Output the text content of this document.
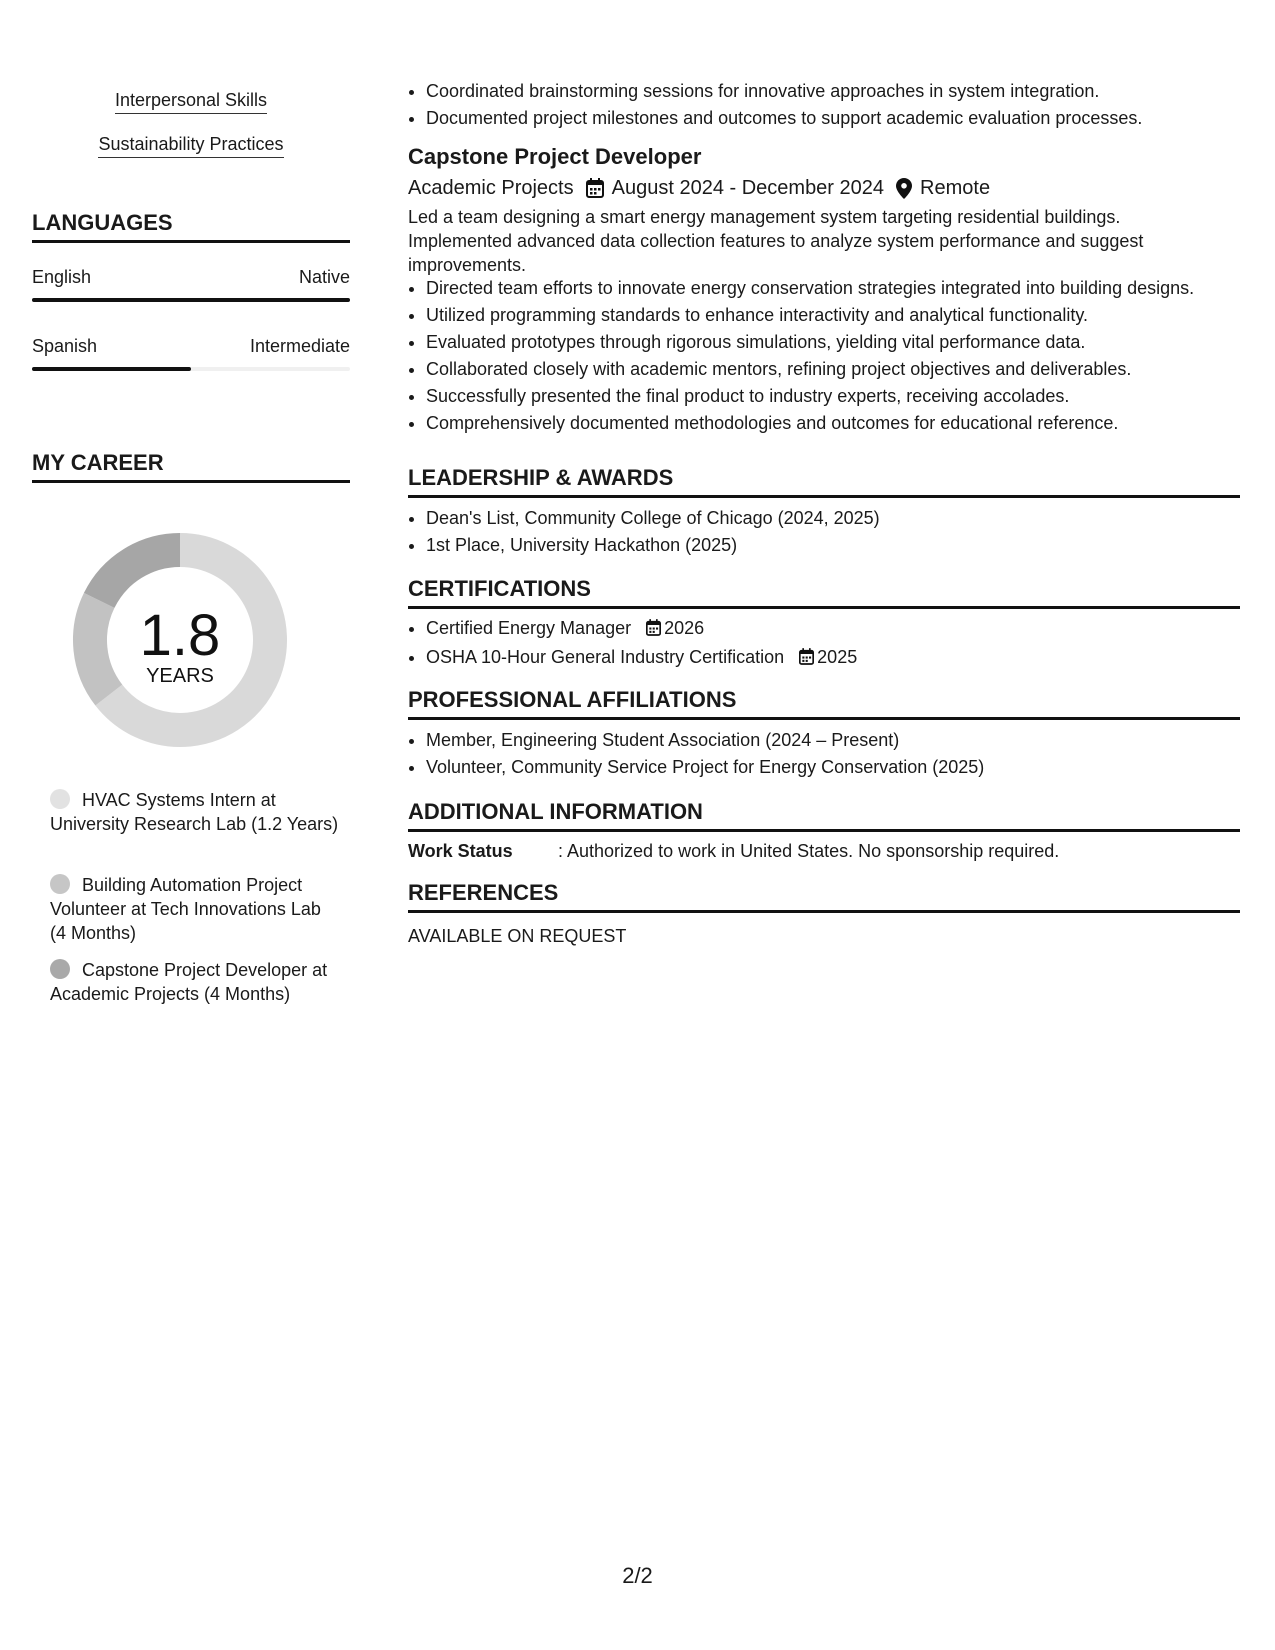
Interpersonal Skills
Sustainability Practices
LANGUAGES
English	Native
Spanish	Intermediate
MY CAREER
1.8
YEARS
HVAC Systems Intern at University Research Lab (1.2 Years)
Building Automation Project Volunteer at Tech Innovations Lab (4 Months)
Capstone Project Developer at Academic Projects (4 Months)
• Coordinated brainstorming sessions for innovative approaches in system integration.
• Documented project milestones and outcomes to support academic evaluation processes.
Capstone Project Developer
Academic Projects August 2024 - December 2024 Remote
Led a team designing a smart energy management system targeting residential buildings. Implemented advanced data collection features to analyze system performance and suggest improvements.
• Directed team efforts to innovate energy conservation strategies integrated into building designs.
• Utilized programming standards to enhance interactivity and analytical functionality.
• Evaluated prototypes through rigorous simulations, yielding vital performance data.
• Collaborated closely with academic mentors, refining project objectives and deliverables.
• Successfully presented the final product to industry experts, receiving accolades.
• Comprehensively documented methodologies and outcomes for educational reference.
LEADERSHIP & AWARDS
• Dean's List, Community College of Chicago (2024, 2025)
• 1st Place, University Hackathon (2025)
CERTIFICATIONS
• Certified Energy Manager 2026
• OSHA 10-Hour General Industry Certification 2025
PROFESSIONAL AFFILIATIONS
• Member, Engineering Student Association (2024 – Present)
• Volunteer, Community Service Project for Energy Conservation (2025)
ADDITIONAL INFORMATION
Work Status	: Authorized to work in United States. No sponsorship required.
REFERENCES
AVAILABLE ON REQUEST
2/2
